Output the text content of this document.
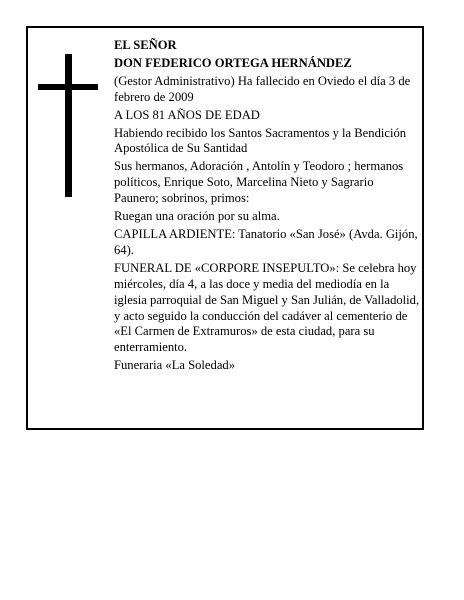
EL SEÑOR

DON FEDERICO ORTEGA HERNÁNDEZ

(Gestor Administrativo) Ha fallecido en Oviedo el día 3 de febrero de 2009

A LOS 81 AÑOS DE EDAD

Habiendo recibido los Santos Sacramentos y la Bendición Apostólica de Su Santidad

Sus hermanos, Adoración , Antolín y Teodoro ; hermanos políticos, Enrique Soto, Marcelina Nieto y Sagrario Paunero; sobrinos, primos:

Ruegan una oración por su alma.

CAPILLA ARDIENTE: Tanatorio «San José» (Avda. Gijón, 64).

FUNERAL DE «CORPORE INSEPULTO»: Se celebra hoy miércoles, día 4, a las doce y media del mediodía en la iglesia parroquial de San Miguel y San Julián, de Valladolid, y acto seguido la conducción del cadáver al cementerio de «El Carmen de Extramuros» de esta ciudad, para su enterramiento.

Funeraria «La Soledad»
